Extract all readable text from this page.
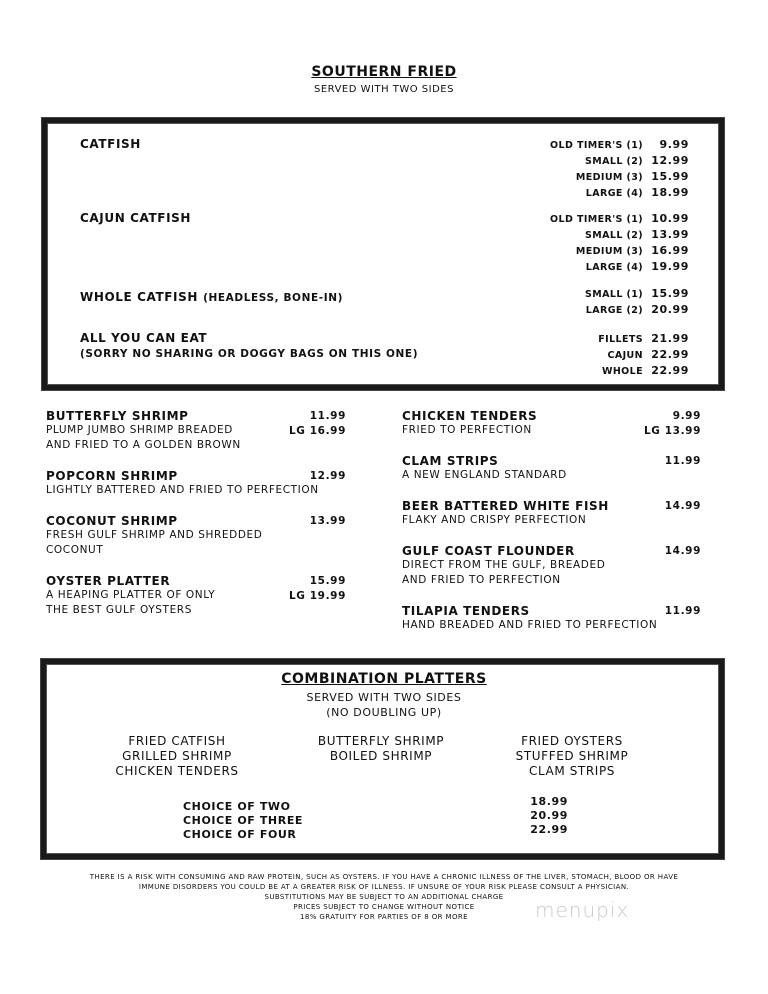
SOUTHERN FRIED
SERVED WITH TWO SIDES
CATFISH	OLD TIMER'S (1) 9.99
SMALL (2) 12.99
MEDIUM (3) 15.99
LARGE (4) 18.99
CAJUN CATFISH	OLD TIMER'S (1) 10.99
SMALL (2) 13.99
MEDIUM (3) 16.99
LARGE (4) 19.99
WHOLE CATFISH (HEADLESS, BONE-IN)	SMALL (1) 15.99
LARGE (2) 20.99
ALL YOU CAN EAT
(SORRY NO SHARING OR DOGGY BAGS ON THIS ONE)
FILLETS 21.99
CAJUN 22.99
WHOLE 22.99
BUTTERFLY SHRIMP	11.99
PLUMP JUMBO SHRIMP BREADED
AND FRIED TO A GOLDEN BROWN
LG 16.99
POPCORN SHRIMP	12.99
LIGHTLY BATTERED AND FRIED TO PERFECTION
COCONUT SHRIMP	13.99
FRESH GULF SHRIMP AND SHREDDED
COCONUT
OYSTER PLATTER	15.99
A HEAPING PLATTER OF ONLY
THE BEST GULF OYSTERS
LG 19.99
CHICKEN TENDERS	9.99
FRIED TO PERFECTION	LG 13.99
CLAM STRIPS	11.99
A NEW ENGLAND STANDARD
BEER BATTERED WHITE FISH	14.99
FLAKY AND CRISPY PERFECTION
GULF COAST FLOUNDER	14.99
DIRECT FROM THE GULF, BREADED
AND FRIED TO PERFECTION
TILAPIA TENDERS	11.99
HAND BREADED AND FRIED TO PERFECTION
COMBINATION PLATTERS
SERVED WITH TWO SIDES
(NO DOUBLING UP)
FRIED CATFISH
GRILLED SHRIMP
CHICKEN TENDERS
BUTTERFLY SHRIMP
BOILED SHRIMP
FRIED OYSTERS
STUFFED SHRIMP
CLAM STRIPS
CHOICE OF TWO	18.99
CHOICE OF THREE	20.99
CHOICE OF FOUR	22.99
THERE IS A RISK WITH CONSUMING AND RAW PROTEIN, SUCH AS OYSTERS. IF YOU HAVE A CHRONIC ILLNESS OF THE LIVER, STOMACH, BLOOD OR HAVE
IMMUNE DISORDERS YOU COULD BE AT A GREATER RISK OF ILLNESS. IF UNSURE OF YOUR RISK PLEASE CONSULT A PHYSICIAN.
SUBSTITUTIONS MAY BE SUBJECT TO AN ADDITIONAL CHARGE
PRICES SUBJECT TO CHANGE WITHOUT NOTICE
18% GRATUITY FOR PARTIES OF 8 OR MORE	menupix
